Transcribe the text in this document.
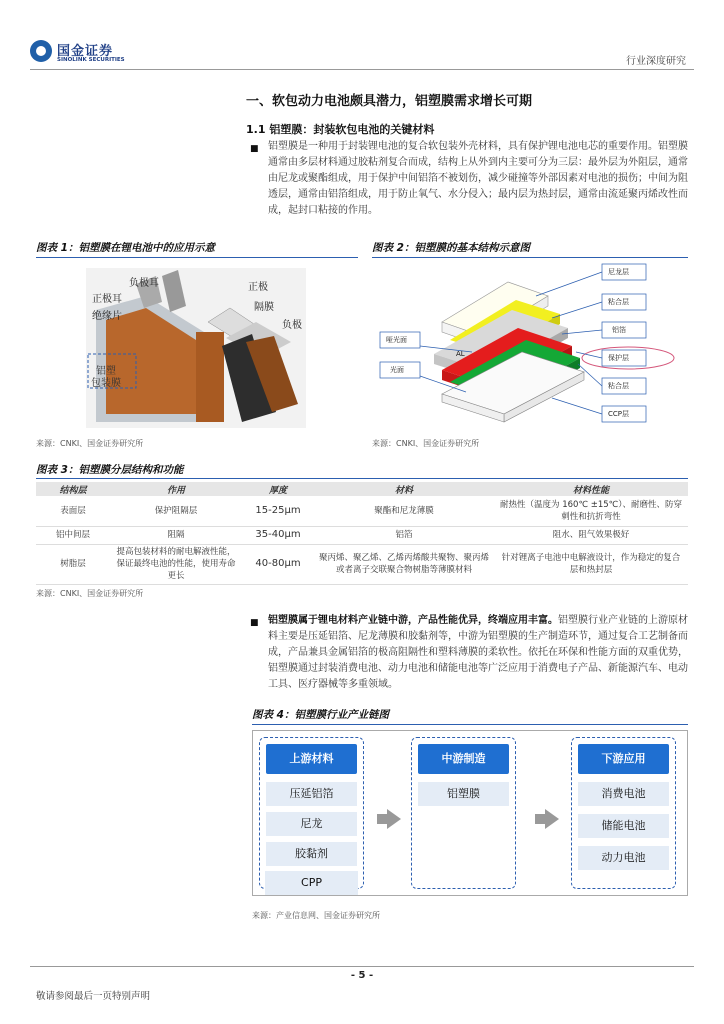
国金证券
SINOLINK SECURITIES	行业深度研究
一、软包动力电池颇具潜力，铝塑膜需求增长可期
1.1 铝塑膜：封装软包电池的关键材料
■ 铝塑膜是一种用于封装锂电池的复合软包装外壳材料，具有保护锂电池电芯的重要作用。铝塑膜通常由多层材料通过胶粘剂复合而成，结构上从外到内主要可分为三层：最外层为外阻层，通常由尼龙或聚酯组成，用于保护中间铝箔不被划伤，减少碰撞等外部因素对电池的损伤；中间为阻透层，通常由铝箔组成，用于防止氧气、水分侵入；最内层为热封层，通常由流延聚丙烯改性而成，起封口粘接的作用。
图表 1：铝塑膜在锂电池中的应用示意
负极耳
正极耳
绝缘片
正极
隔膜
负极
铝塑
包装膜
来源：CNKI、国金证券研究所
图表 2：铝塑膜的基本结构示意图
尼龙层
粘合层
铝箔
保护层
粘合层
CCP层
哑光面
光面
AL
来源：CNKI、国金证券研究所
图表 3：铝塑膜分层结构和功能
结构层	作用	厚度	材料	材料性能
表面层	保护阻隔层	15-25μm	聚酯和尼龙薄膜	耐热性（温度为 160℃ ±15℃）、耐磨性、防穿刺性和抗折弯性
铝中间层	阻隔	35-40μm	铝箔	阻水、阻气效果极好
树脂层	提高包装材料的耐电解液性能，保证最终电池的性能，使用寿命更长	40-80μm	聚丙烯、聚乙烯、乙烯丙烯酸共聚物、聚丙烯或者离子交联聚合物树脂等薄膜材料	针对锂离子电池中电解液设计，作为稳定的复合层和热封层
来源：CNKI、国金证券研究所
■ 铝塑膜属于锂电材料产业链中游，产品性能优异，终端应用丰富。铝塑膜行业产业链的上游原材料主要是压延铝箔、尼龙薄膜和胶黏剂等，中游为铝塑膜的生产制造环节，通过复合工艺制备而成，产品兼具金属铝箔的极高阻隔性和塑料薄膜的柔软性。依托在环保和性能方面的双重优势，铝塑膜通过封装消费电池、动力电池和储能电池等广泛应用于消费电子产品、新能源汽车、电动工具、医疗器械等多重领域。
图表 4：铝塑膜行业产业链图
上游材料
压延铝箔
尼龙
胶黏剂
CPP
中游制造
铝塑膜
下游应用
消费电池
储能电池
动力电池
来源：产业信息网、国金证券研究所
- 5 -
敬请参阅最后一页特别声明
